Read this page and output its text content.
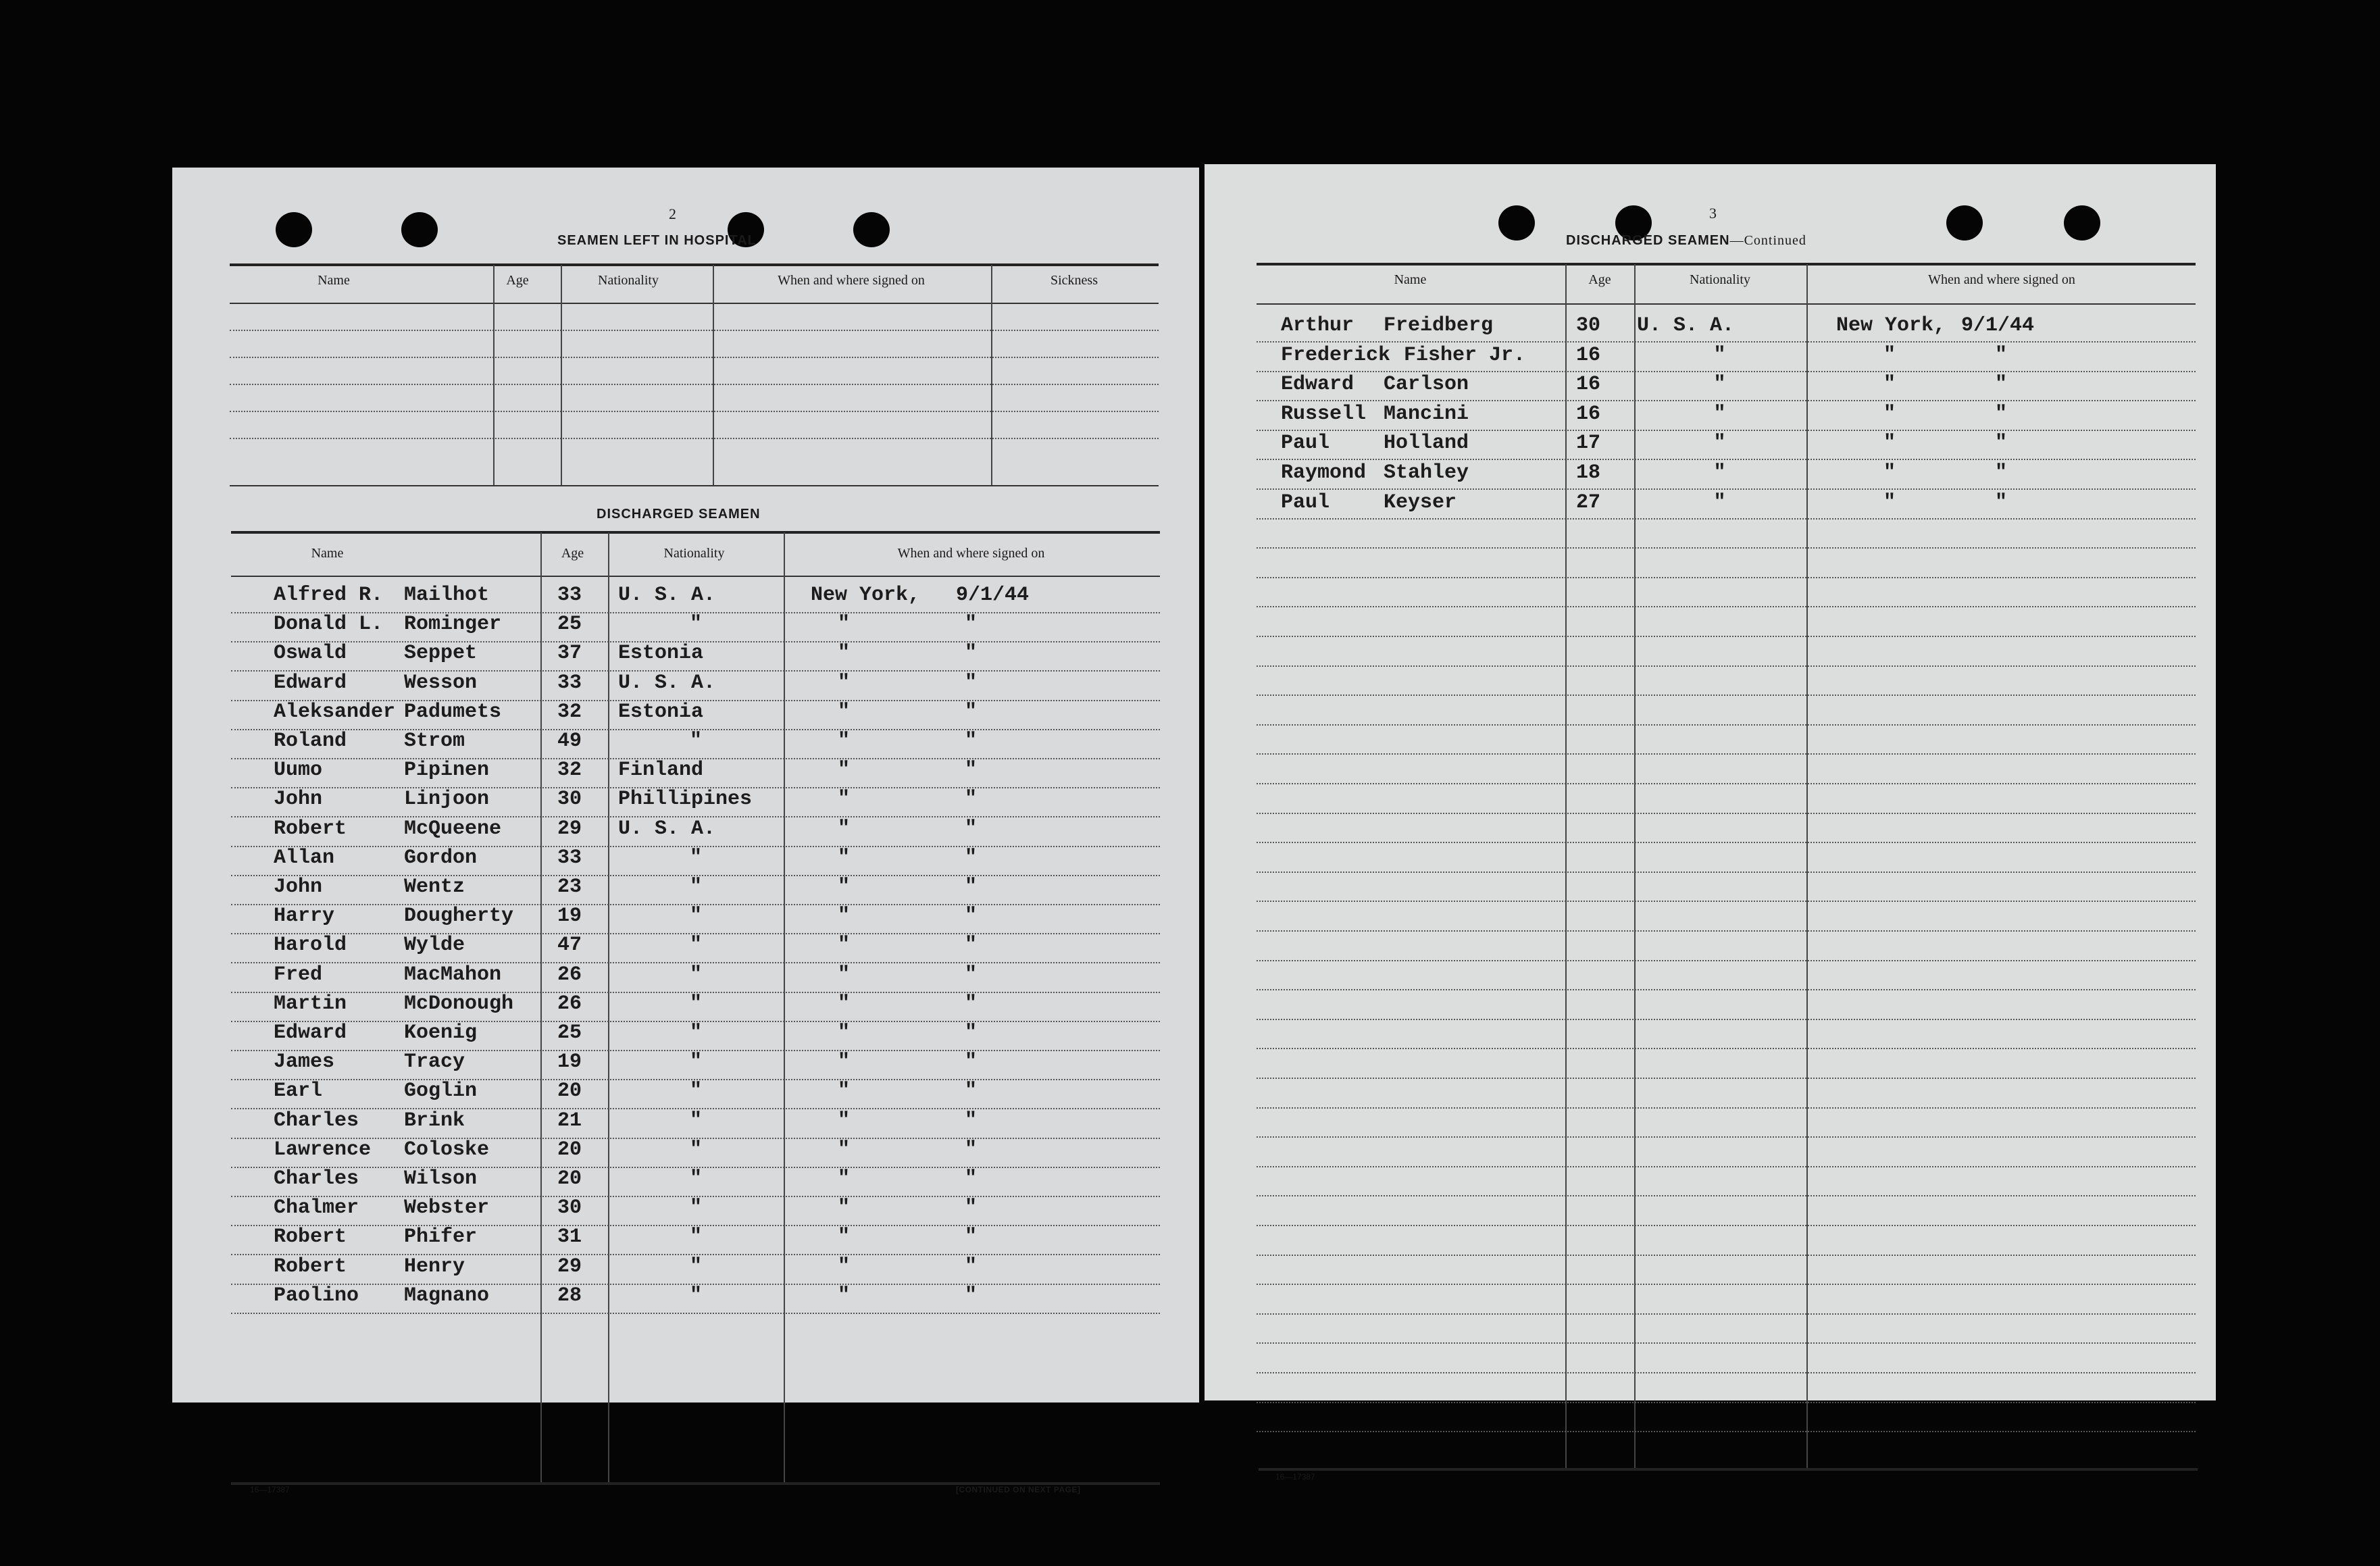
2
SEAMEN LEFT IN HOSPITAL
Name	Age	Nationality	When and where signed on	Sickness
DISCHARGED SEAMEN
Name	Age	Nationality	When and where signed on
Alfred R. Mailhot	33 U. S. A.	New York, 9/1/44
Donald L. Rominger	25	"	"	"
Oswald	Seppet	37 Estonia	"	"
Edward	Wesson	33 U. S. A.	"	"
Aleksander Padumets	32 Estonia	"	"
Roland	Strom	49	"	"	"
Uumo	Pipinen	32 Finland	"	"
John	Linjoon	30 Phillipines	"	"
Robert	McQueene	29 U. S. A.	"	"
Allan	Gordon	33	"	"	"
John	Wentz	23	"	"	"
Harry	Dougherty 19	"	"	"
Harold	Wylde	47	"	"	"
Fred	MacMahon	26	"	"	"
Martin	McDonough 26	"	"	"
Edward	Koenig	25	"	"	"
James	Tracy	19	"	"	"
Earl	Goglin	20	"	"	"
Charles Brink	21	"	"	"
Lawrence Coloske	20	"	"	"
Charles Wilson	20	"	"	"
Chalmer Webster	30	"	"	"
Robert	Phifer	31	"	"	"
Robert	Henry	29	"	"	"
Paolino Magnano	28	"	"	"
16—17387	[CONTINUED ON NEXT PAGE]
3
DISCHARGED SEAMEN—Continued
Name	Age	Nationality	When and where signed on
Arthur Freidberg	30 U. S. A.	New York, 9/1/44
Frederick Fisher Jr. 16	"	"	"
Edward Carlson	16	"	"	"
Russell Mancini	16	"	"	"
Paul	Holland	17	"	"	"
Raymond Stahley	18	"	"	"
Paul	Keyser	27	"	"	"
16—17387
